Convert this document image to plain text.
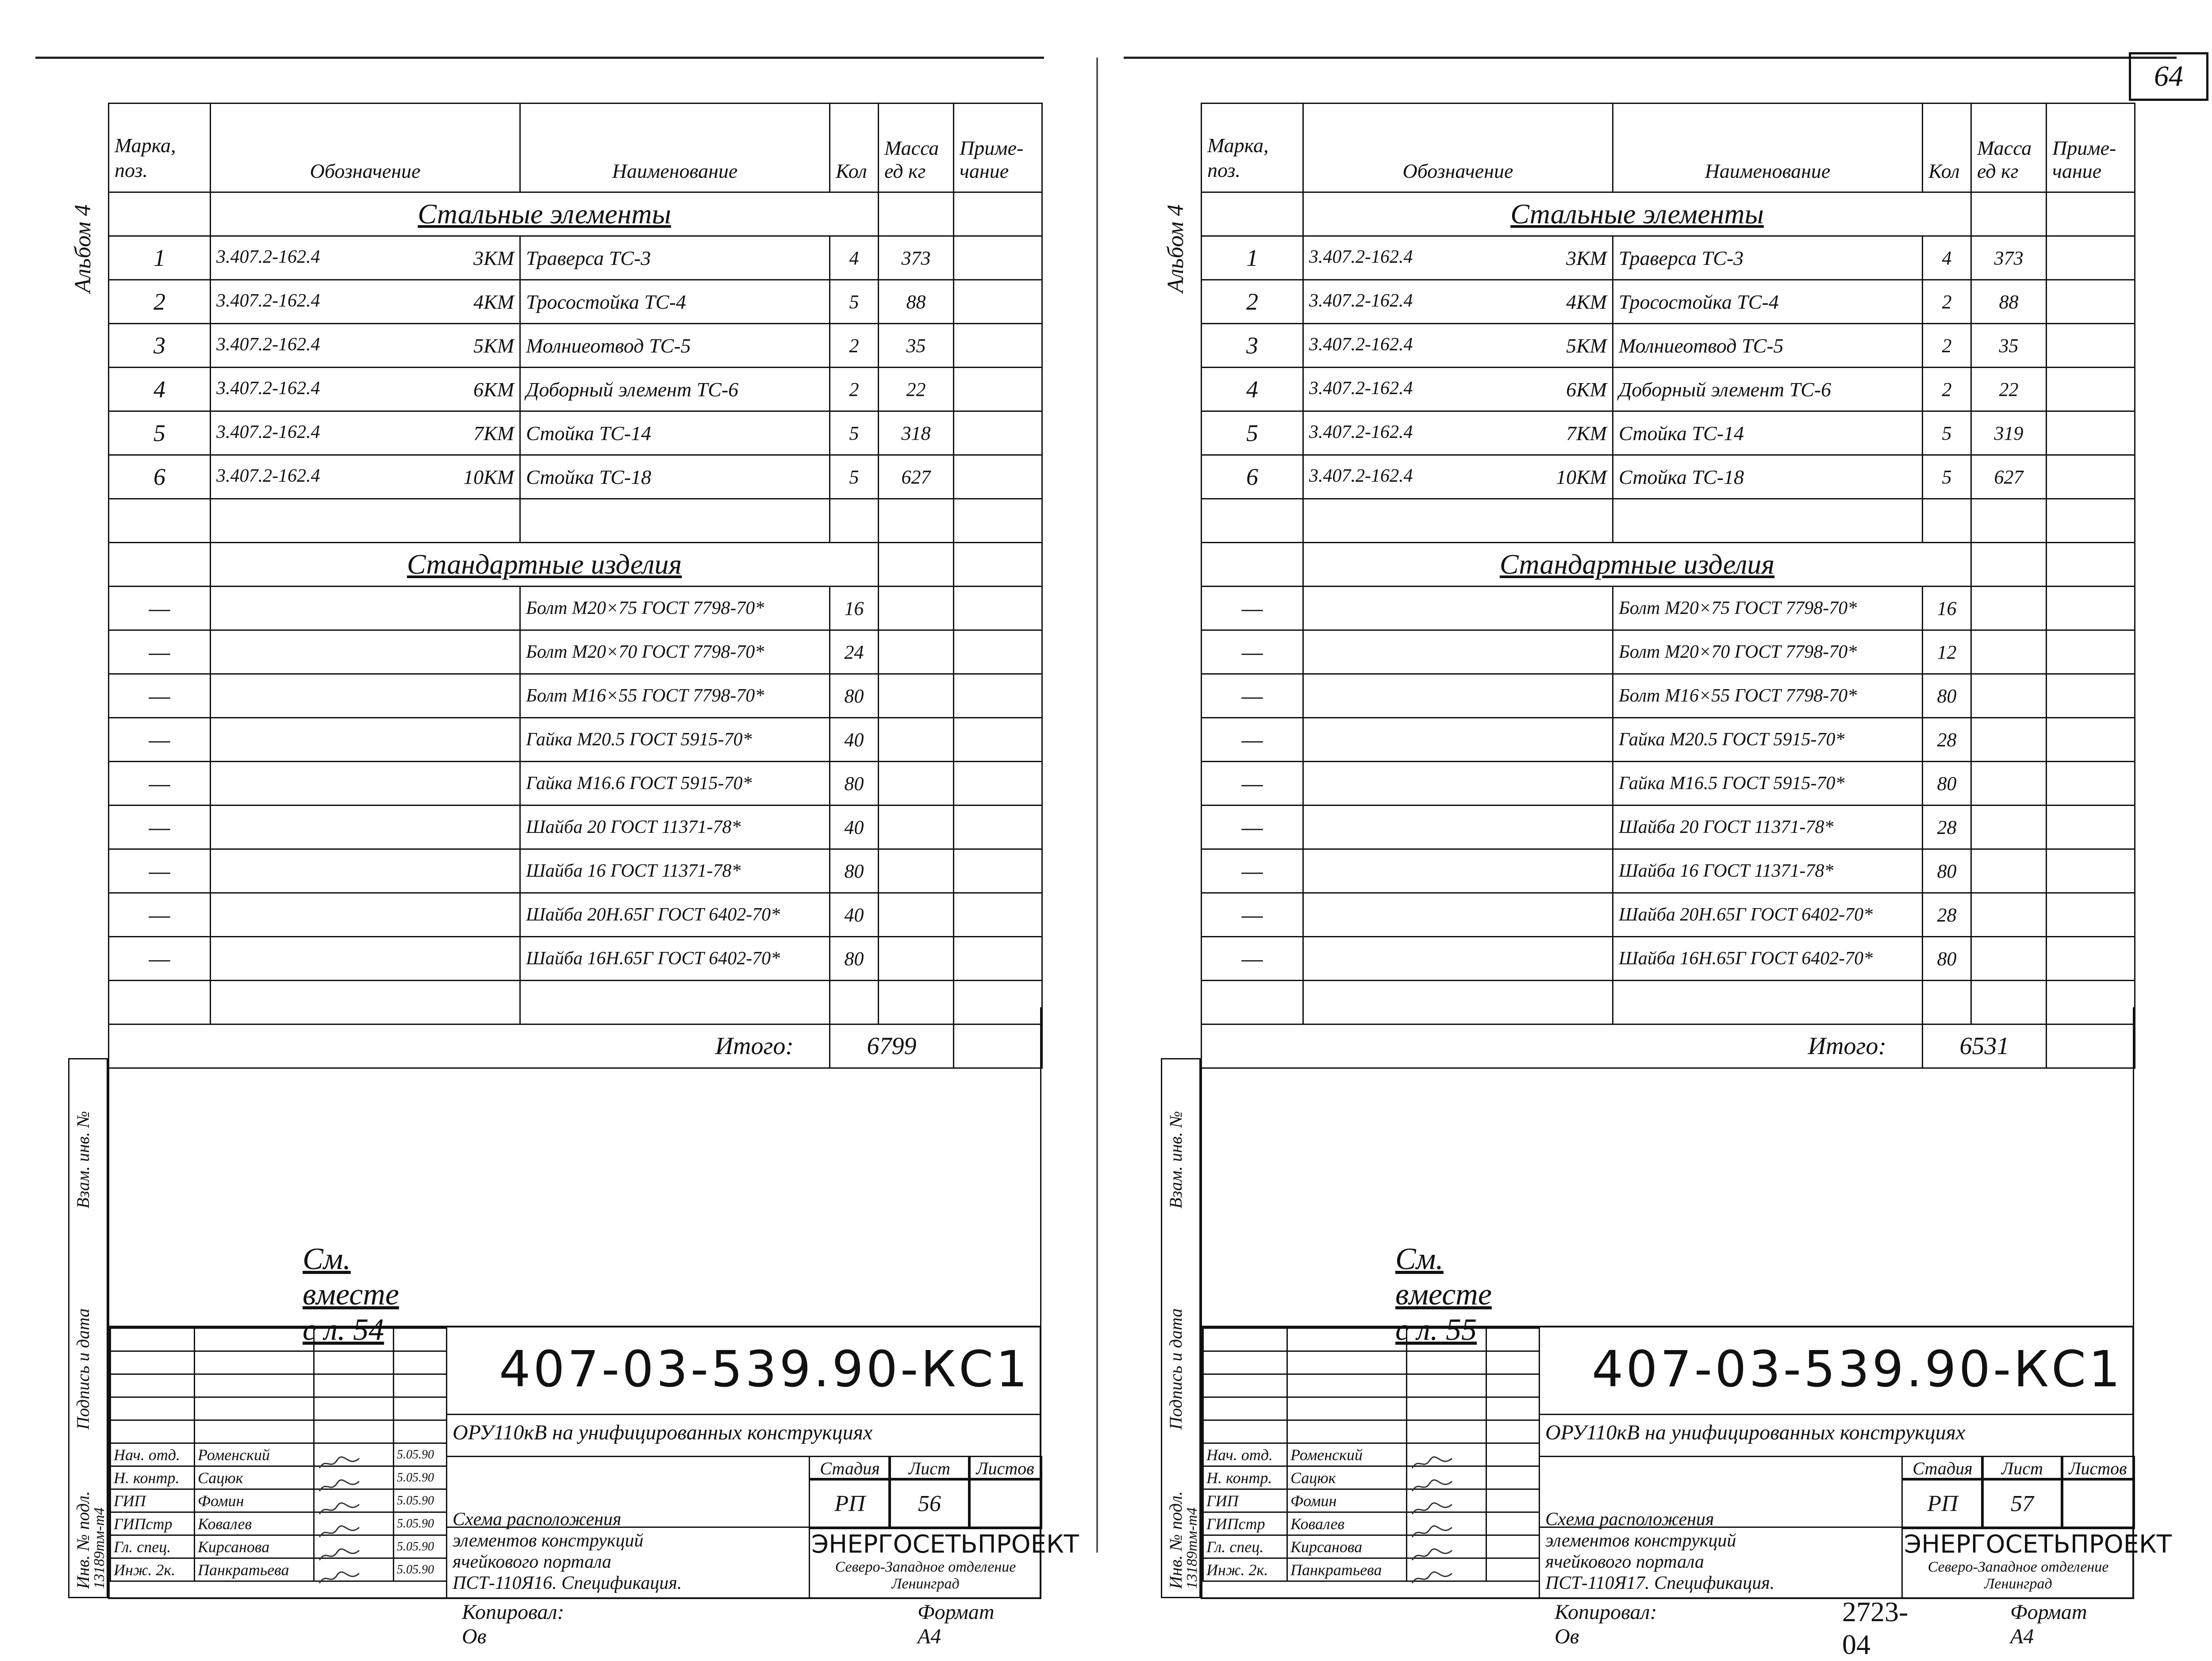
64
Марка, поз.	Обозначение	Наименование	Кол	Масса ед кг	Приме-чание
	Стальные элементы				
1	3.407.2-162.4 3КМ	Траверса ТС-3	4	373	
2	3.407.2-162.4 4КМ	Тросостойка ТС-4	5	88	
3	3.407.2-162.4 5КМ	Молниеотвод ТС-5	2	35	
4	3.407.2-162.4 6КМ	Доборный элемент ТС-6	2	22	
5	3.407.2-162.4 7КМ	Стойка ТС-14	5	318	
6	3.407.2-162.4 10КМ	Стойка ТС-18	5	627	

	Стандартные изделия				
—		Болт М20×75 ГОСТ 7798-70*	16		
—		Болт М20×70 ГОСТ 7798-70*	24		
—		Болт М16×55 ГОСТ 7798-70*	80		
—		Гайка М20.5 ГОСТ 5915-70*	40		
—		Гайка М16.6 ГОСТ 5915-70*	80		
—		Шайба 20 ГОСТ 11371-78*	40		
—		Шайба 16 ГОСТ 11371-78*	80		
—		Шайба 20Н.65Г ГОСТ 6402-70*	40		
—		Шайба 16Н.65Г ГОСТ 6402-70*	80		

Итого:			6799		
См. вместе с л. 54

Нач. отд.	Роменский		5.05.90
Н. контр.	Сацюк		5.05.90
ГИП	Фомин		5.05.90
ГИПстр	Ковалев		5.05.90
Гл. спец.	Кирсанова		5.05.90
Инж. 2к.	Панкратьева		5.05.90
407-03-539.90-КС1
ОРУ110кВ на унифицированных конструкциях
Стадия	Лист	Листов
РП	56
Схема расположения
элементов конструкций
ячейкового портала
ПСТ-110Я16. Спецификация.
ЭНЕРГОСЕТЬПРОЕКТ
Северо-Западное отделение
Ленинград
Взам. инв. №
Подпись и дата
Инв. № подл.
13189тм-т4
Альбом 4
Копировал: Ов
Формат А4
Марка, поз.	Обозначение	Наименование	Кол	Масса ед кг	Приме-чание
	Стальные элементы				
1	3.407.2-162.4 3КМ	Траверса ТС-3	4	373	
2	3.407.2-162.4 4КМ	Тросостойка ТС-4	2	88	
3	3.407.2-162.4 5КМ	Молниеотвод ТС-5	2	35	
4	3.407.2-162.4 6КМ	Доборный элемент ТС-6	2	22	
5	3.407.2-162.4 7КМ	Стойка ТС-14	5	319	
6	3.407.2-162.4 10КМ	Стойка ТС-18	5	627	

	Стандартные изделия				
—		Болт М20×75 ГОСТ 7798-70*	16		
—		Болт М20×70 ГОСТ 7798-70*	12		
—		Болт М16×55 ГОСТ 7798-70*	80		
—		Гайка М20.5 ГОСТ 5915-70*	28		
—		Гайка М16.5 ГОСТ 5915-70*	80		
—		Шайба 20 ГОСТ 11371-78*	28		
—		Шайба 16 ГОСТ 11371-78*	80		
—		Шайба 20Н.65Г ГОСТ 6402-70*	28		
—		Шайба 16Н.65Г ГОСТ 6402-70*	80		

Итого:			6531		
См. вместе с л. 55

Нач. отд.	Роменский	

Н. контр.	Сацюк	

ГИП	Фомин	

ГИПстр	Ковалев	

Гл. спец.	Кирсанова	

Инж. 2к.	Панкратьева	

407-03-539.90-КС1
ОРУ110кВ на унифицированных конструкциях
Стадия	Лист	Листов
РП	57
Схема расположения
элементов конструкций
ячейкового портала
ПСТ-110Я17. Спецификация.
ЭНЕРГОСЕТЬПРОЕКТ
Северо-Западное отделение
Ленинград
Взам. инв. №
Подпись и дата
Инв. № подл.
13189тм-т4
Альбом 4
Копировал: Ов
2723-04
Формат А4
